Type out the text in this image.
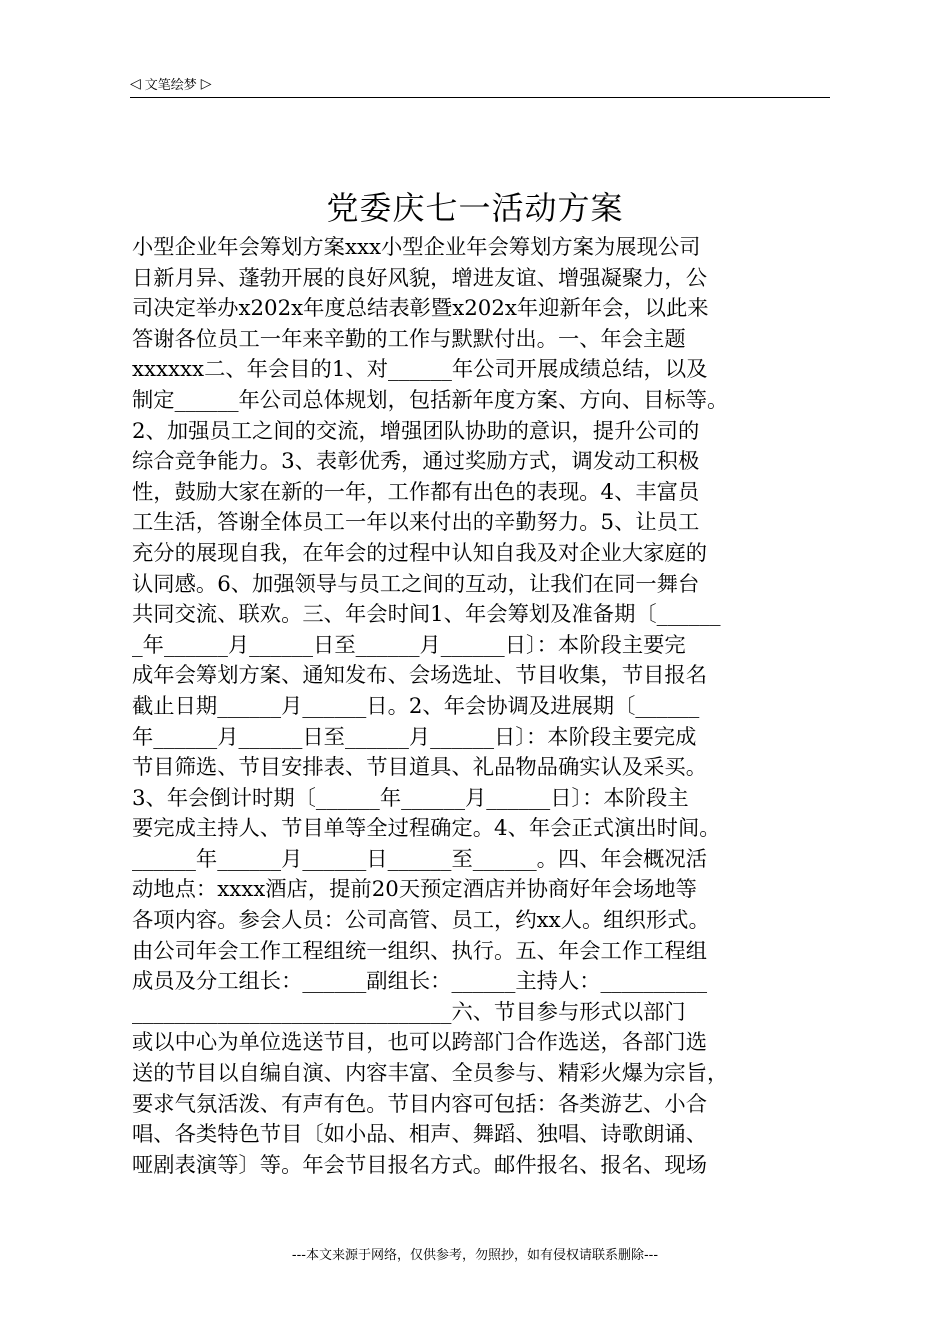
◁ 文笔绘梦 ▷
党委庆七一活动方案
小型企业年会筹划方案xxx小型企业年会筹划方案为展现公司
日新月异、蓬勃开展的良好风貌，增进友谊、增强凝聚力，公
司决定举办x202x年度总结表彰暨x202x年迎新年会，以此来
答谢各位员工一年来辛勤的工作与默默付出。一、年会主题
xxxxxx二、年会目的1、对______年公司开展成绩总结，以及
制定______年公司总体规划，包括新年度方案、方向、目标等。
2、加强员工之间的交流，增强团队协助的意识，提升公司的
综合竞争能力。3、表彰优秀，通过奖励方式，调发动工积极
性，鼓励大家在新的一年，工作都有出色的表现。4、丰富员
工生活，答谢全体员工一年以来付出的辛勤努力。5、让员工
充分的展现自我，在年会的过程中认知自我及对企业大家庭的
认同感。6、加强领导与员工之间的互动，让我们在同一舞台
共同交流、联欢。三、年会时间1、年会筹划及准备期〔______
_年______月______日至______月______日〕：本阶段主要完
成年会筹划方案、通知发布、会场选址、节目收集，节目报名
截止日期______月______日。2、年会协调及进展期〔______
年______月______日至______月______日〕：本阶段主要完成
节目筛选、节目安排表、节目道具、礼品物品确实认及采买。
3、年会倒计时期〔______年______月______日〕：本阶段主
要完成主持人、节目单等全过程确定。4、年会正式演出时间。
______年______月______日______至______。四、年会概况活
动地点：xxxx酒店，提前20天预定酒店并协商好年会场地等
各项内容。参会人员：公司高管、员工，约xx人。组织形式。
由公司年会工作工程组统一组织、执行。五、年会工作工程组
成员及分工组长：______副组长：______主持人：__________
______________________________六、节目参与形式以部门
或以中心为单位选送节目，也可以跨部门合作选送，各部门选
送的节目以自编自演、内容丰富、全员参与、精彩火爆为宗旨，
要求气氛活泼、有声有色。节目内容可包括：各类游艺、小合
唱、各类特色节目〔如小品、相声、舞蹈、独唱、诗歌朗诵、
哑剧表演等〕等。年会节目报名方式。邮件报名、报名、现场
---本文来源于网络，仅供参考，勿照抄，如有侵权请联系删除---
